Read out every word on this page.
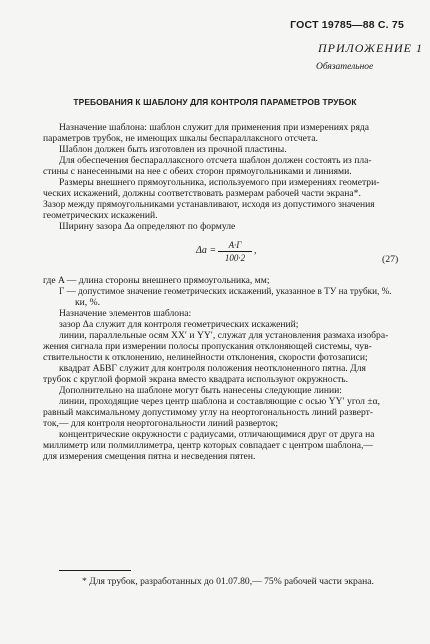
ГОСТ 19785—88 С. 75
ПРИЛОЖЕНИЕ 1
Обязательное
ТРЕБОВАНИЯ К ШАБЛОНУ ДЛЯ КОНТРОЛЯ ПАРАМЕТРОВ ТРУБОК
Назначение шаблона: шаблон служит для применения при измерениях ряда
параметров трубок, не имеющих шкалы беспараллаксного отсчета.
Шаблон должен быть изготовлен из прочной пластины.
Для обеспечения беспараллаксного отсчета шаблон должен состоять из пла-
стины с нанесенными на нее с обеих сторон прямоугольниками и линиями.
Размеры внешнего прямоугольника, используемого при измерениях геометри-
ческих искажений, должны соответствовать размерам рабочей части экрана*.
Зазор между прямоугольниками устанавливают, исходя из допустимого значения
геометрических искажений.
Ширину зазора Δа определяют по формуле
Δa =	A·Г
100·2
,
(27)
где A — длина стороны внешнего прямоугольника, мм;
Г — допустимое значение геометрических искажений, указанное в ТУ на трубки, %.
ки, %.
Назначение элементов шаблона:
зазор Δа служит для контроля геометрических искажений;
линии, параллельные осям XX′ и YY′, служат для установления размаха изобра-
жения сигнала при измерении полосы пропускания отклоняющей системы, чув-
ствительности к отклонению, нелинейности отклонения, скорости фотозаписи;
квадрат АБВГ служит для контроля положения неотклоненного пятна. Для
трубок с круглой формой экрана вместо квадрата используют окружность.
Дополнительно на шаблоне могут быть нанесены следующие линии:
линии, проходящие через центр шаблона и составляющие с осью YY′ угол ±α,
равный максимальному допустимому углу на неортогональность линий разверт-
ток,— для контроля неортогональности линий разверток;
концентрические окружности с радиусами, отличающимися друг от друга на
миллиметр или полмиллиметра, центр которых совпадает с центром шаблона,—
для измерения смещения пятна и несведения пятен.
* Для трубок, разработанных до 01.07.80,— 75% рабочей части экрана.
